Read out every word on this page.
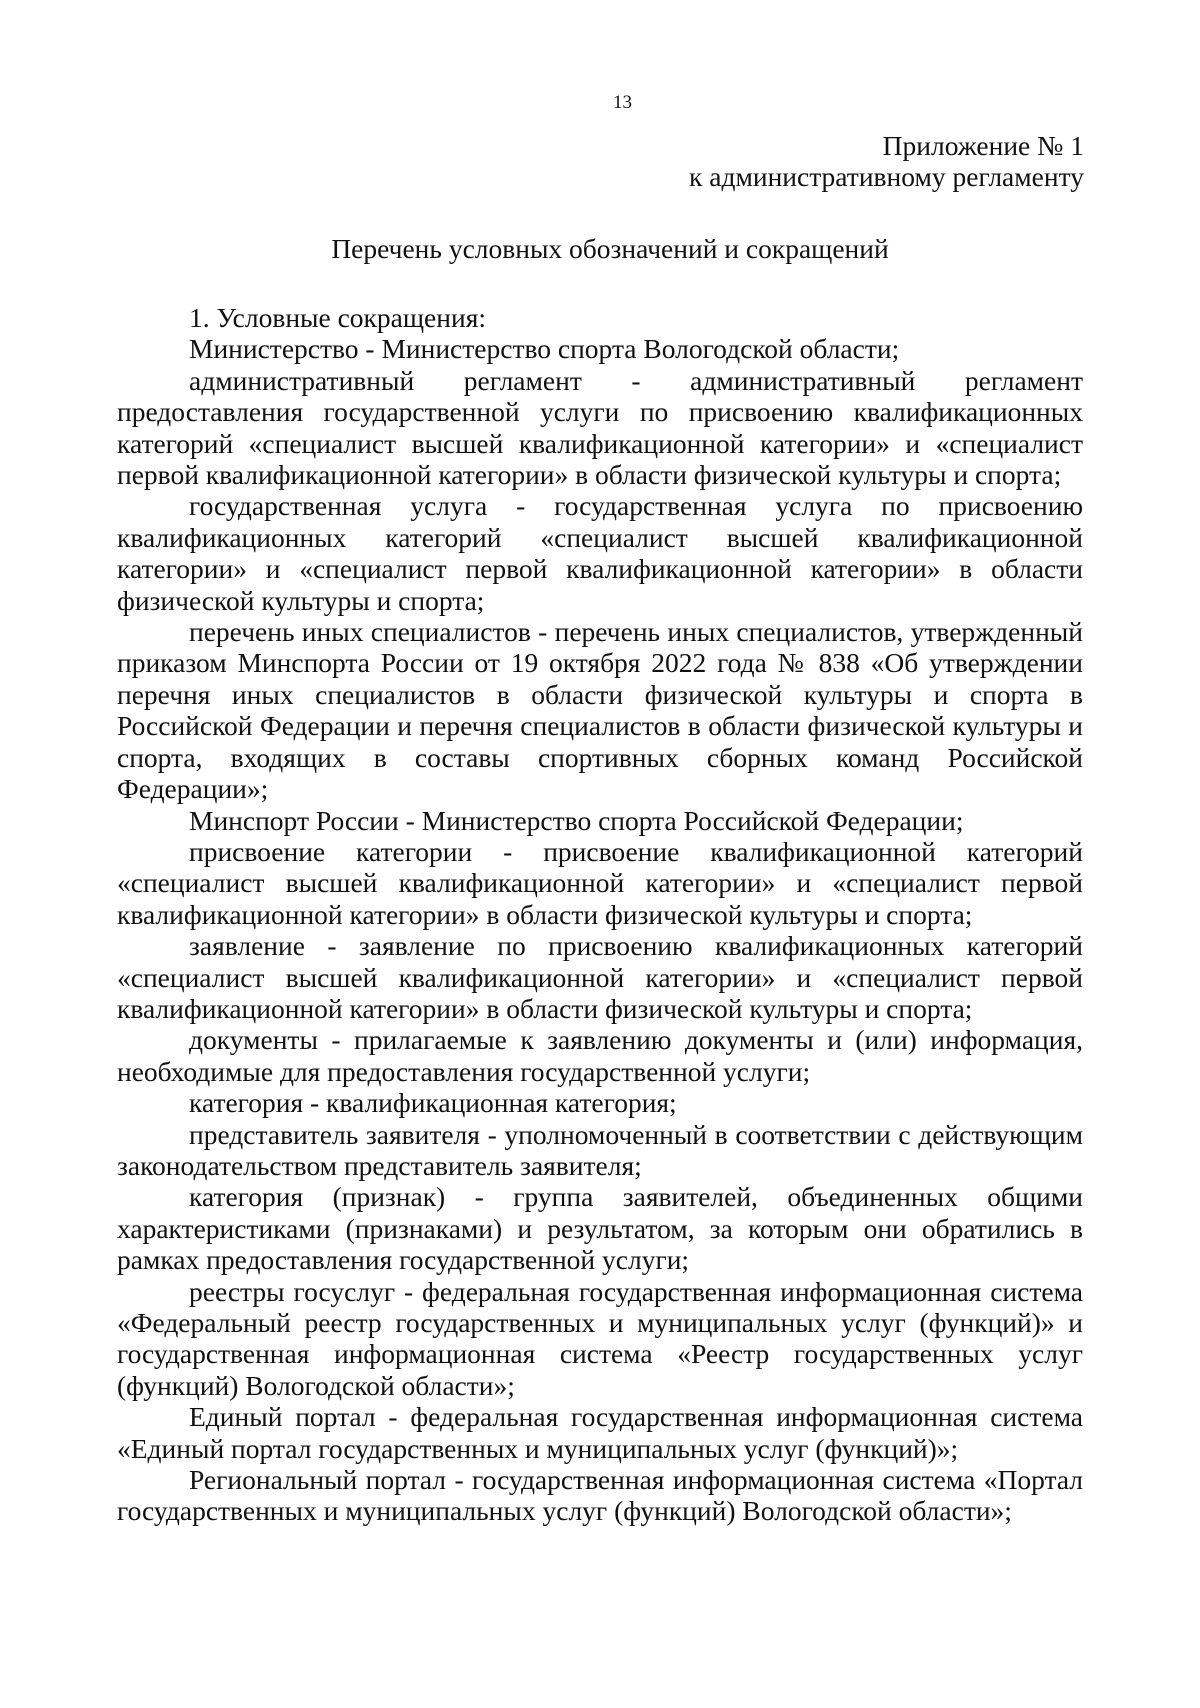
13
Приложение № 1
к административному регламенту
Перечень условных обозначений и сокращений

1. Условные сокращения:

Министерство - Министерство спорта Вологодской области;

административный регламент - административный регламент предоставления государственной услуги по присвоению квалификационных категорий «специалист высшей квалификационной категории» и «специалист первой квалификационной категории» в области физической культуры и спорта;

государственная услуга - государственная услуга по присвоению квалификационных категорий «специалист высшей квалификационной категории» и «специалист первой квалификационной категории» в области физической культуры и спорта;

перечень иных специалистов - перечень иных специалистов, утвержденный приказом Минспорта России от 19 октября 2022 года № 838 «Об утверждении перечня иных специалистов в области физической культуры и спорта в Российской Федерации и перечня специалистов в области физической культуры и спорта, входящих в составы спортивных сборных команд Российской Федерации»;

Минспорт России - Министерство спорта Российской Федерации;

присвоение категории - присвоение квалификационной категорий «специалист высшей квалификационной категории» и «специалист первой квалификационной категории» в области физической культуры и спорта;

заявление - заявление по присвоению квалификационных категорий «специалист высшей квалификационной категории» и «специалист первой квалификационной категории» в области физической культуры и спорта;

документы - прилагаемые к заявлению документы и (или) информация, необходимые для предоставления государственной услуги;

категория - квалификационная категория;

представитель заявителя - уполномоченный в соответствии с действующим законодательством представитель заявителя;

категория (признак) - группа заявителей, объединенных общими характеристиками (признаками) и результатом, за которым они обратились в рамках предоставления государственной услуги;

реестры госуслуг - федеральная государственная информационная система «Федеральный реестр государственных и муниципальных услуг (функций)» и государственная информационная система «Реестр государственных услуг (функций) Вологодской области»;

Единый портал - федеральная государственная информационная система «Единый портал государственных и муниципальных услуг (функций)»;

Региональный портал - государственная информационная система «Портал государственных и муниципальных услуг (функций) Вологодской области»;
